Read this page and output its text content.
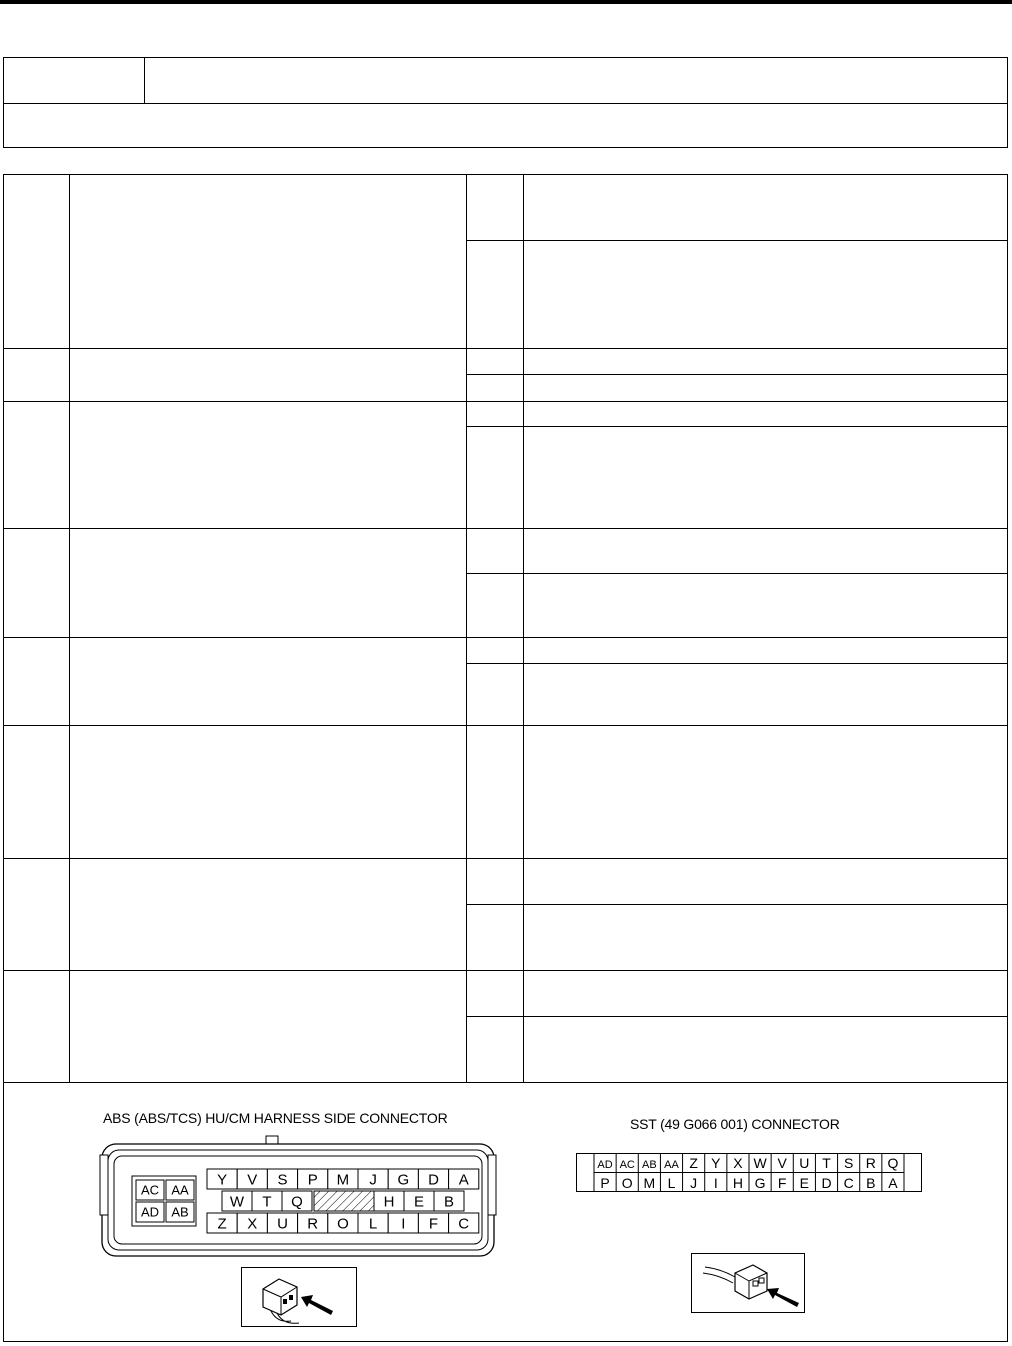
ABS (ABS/TCS) HU/CM HARNESS SIDE CONNECTOR	SST (49 G066 001) CONNECTOR
AC AA
AD AB
Y V S P M J G D A
W T Q	H E B
Z X U R O L I F C
AD AC AB AA Z Y X W V U T S R Q
P O M L J I H G F E D C B A
